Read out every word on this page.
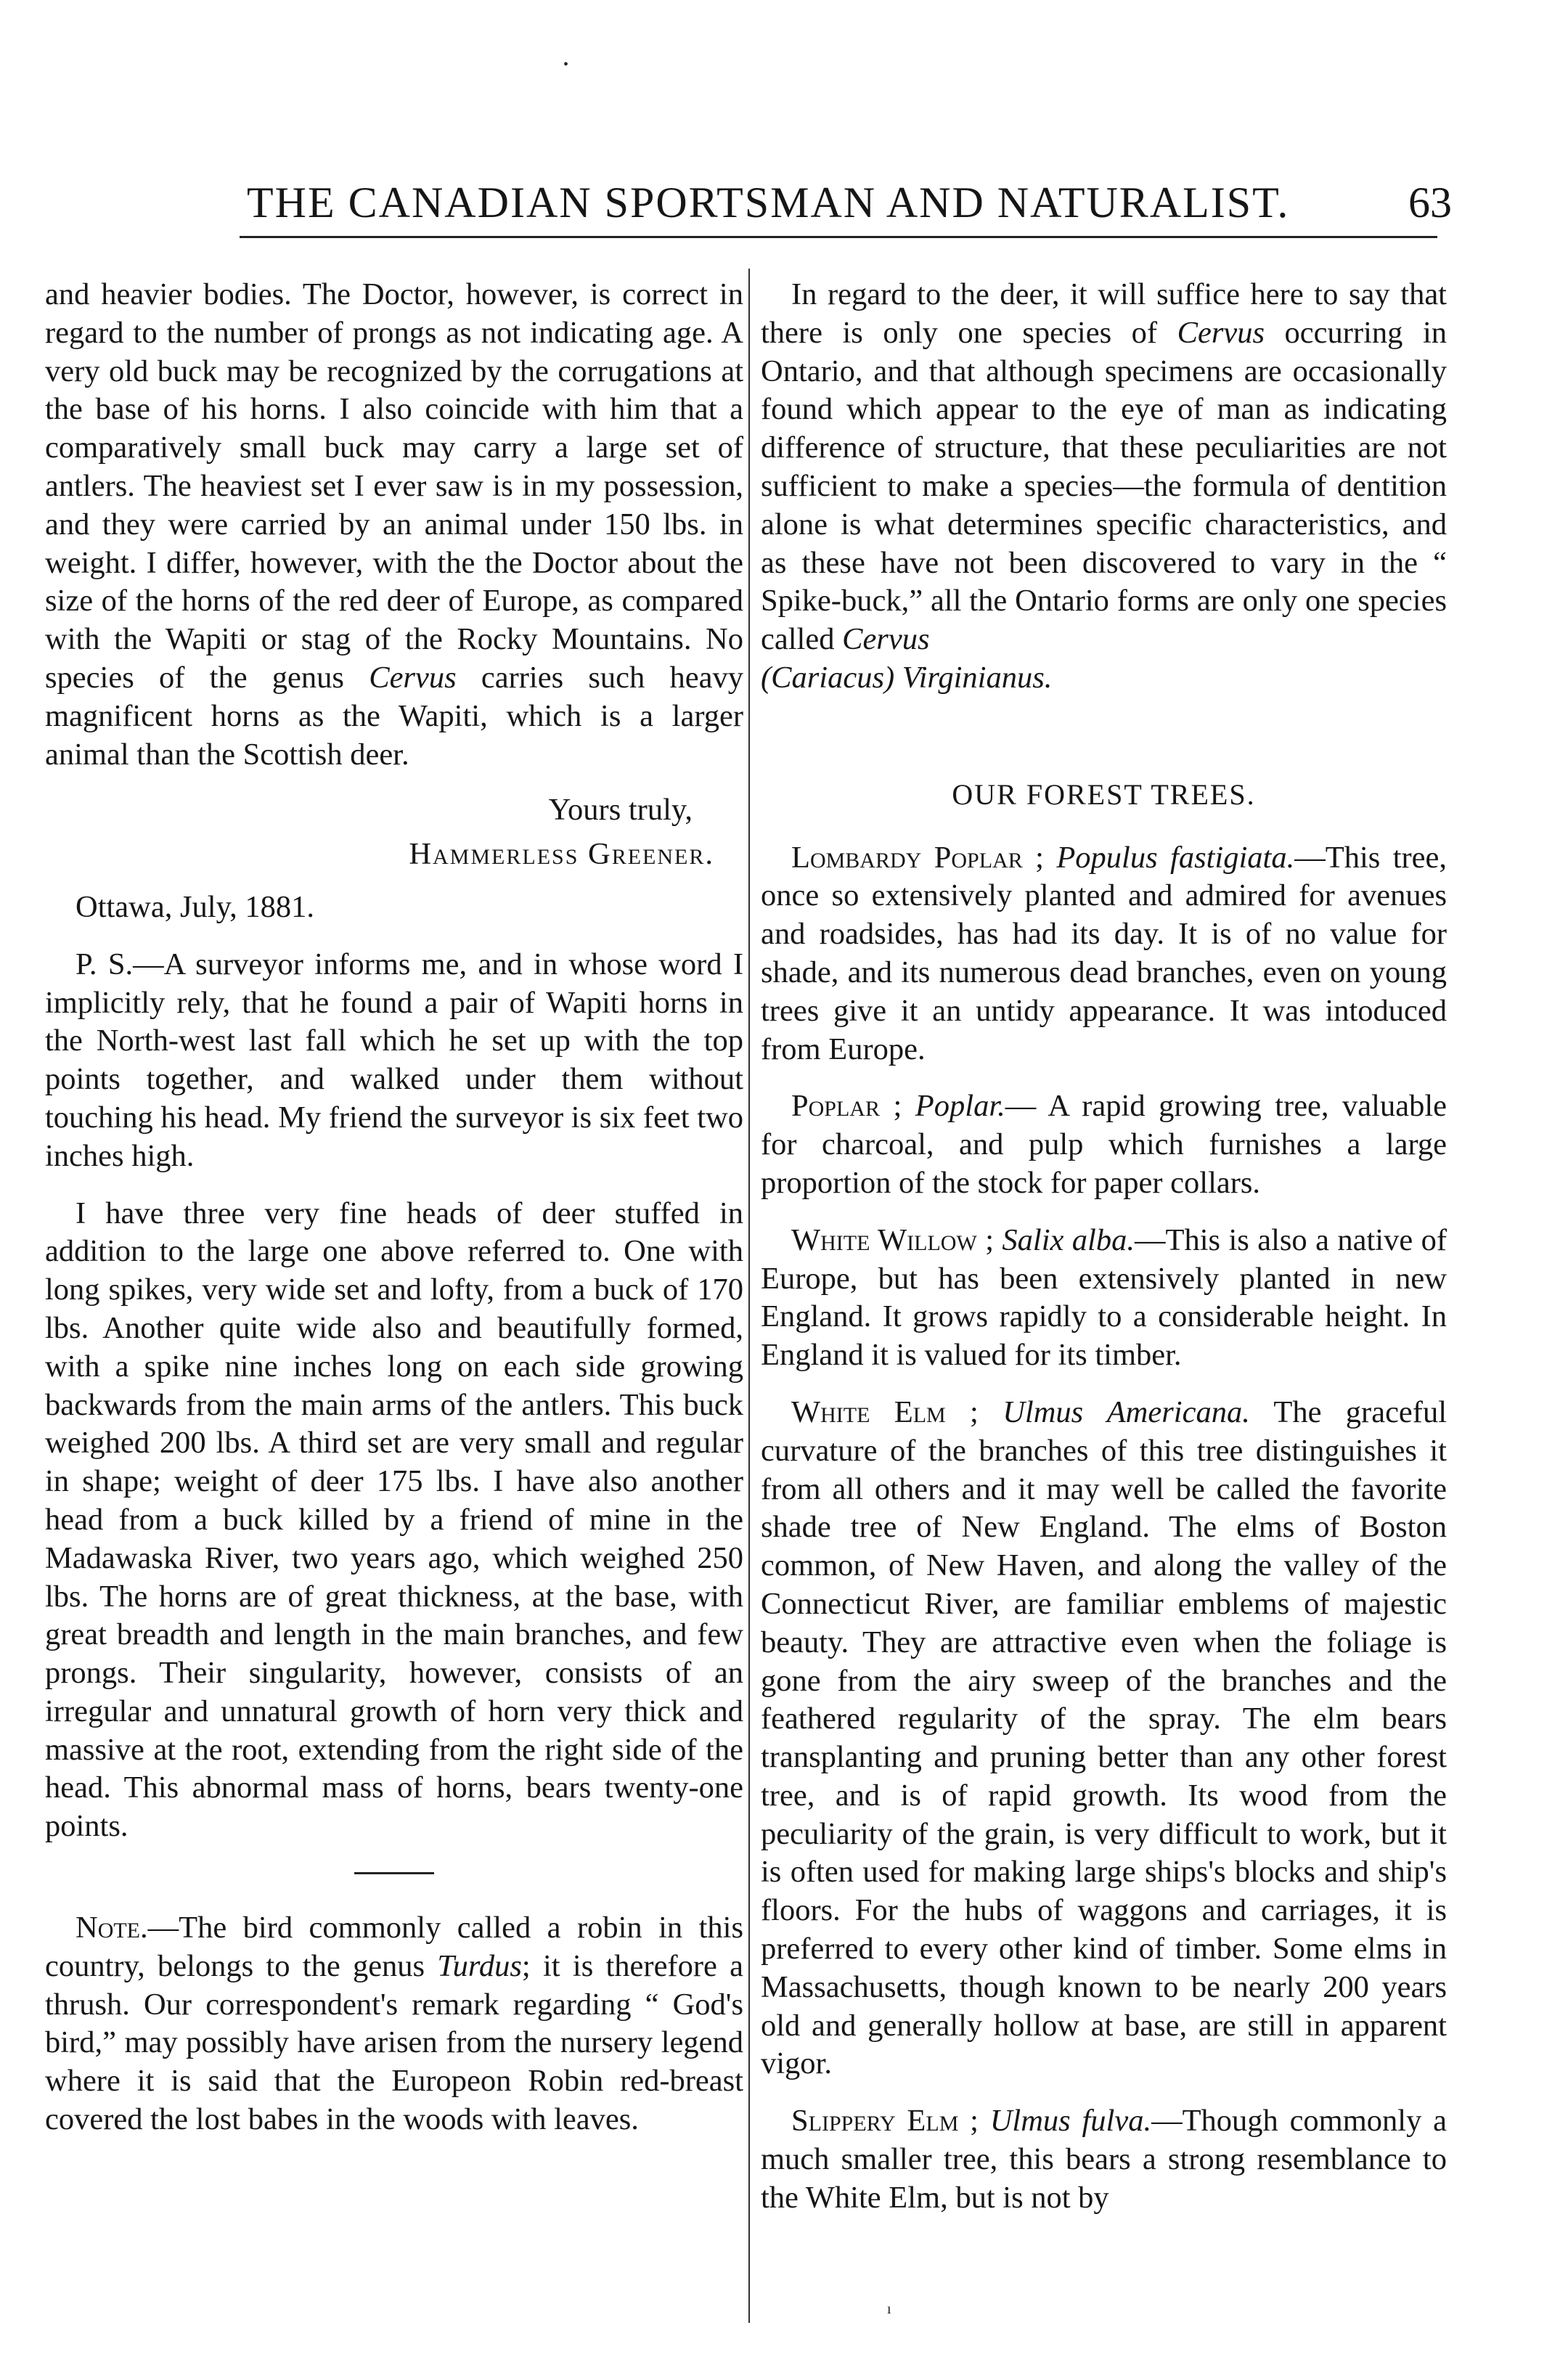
•
THE CANADIAN SPORTSMAN AND NATURALIST.	63

and heavier bodies. The Doctor, however, is correct in regard to the number of prongs as not indicating age. A very old buck may be recognized by the corrugations at the base of his horns. I also coincide with him that a comparatively small buck may carry a large set of antlers. The heaviest set I ever saw is in my possession, and they were carried by an animal under 150 lbs. in weight. I differ, however, with the the Doctor about the size of the horns of the red deer of Europe, as compared with the Wapiti or stag of the Rocky Mountains. No species of the genus Cervus carries such heavy magnificent horns as the Wapiti, which is a larger animal than the Scottish deer.

Yours truly,

Hammerless Greener.

Ottawa, July, 1881.

P. S.—A surveyor informs me, and in whose word I implicitly rely, that he found a pair of Wapiti horns in the North-west last fall which he set up with the top points together, and walked under them without touching his head. My friend the surveyor is six feet two inches high.

I have three very fine heads of deer stuffed in addition to the large one above referred to. One with long spikes, very wide set and lofty, from a buck of 170 lbs. Another quite wide also and beautifully formed, with a spike nine inches long on each side growing backwards from the main arms of the antlers. This buck weighed 200 lbs. A third set are very small and regular in shape; weight of deer 175 lbs. I have also another head from a buck killed by a friend of mine in the Madawaska River, two years ago, which weighed 250 lbs. The horns are of great thickness, at the base, with great breadth and length in the main branches, and few prongs. Their singularity, however, consists of an irregular and unnatural growth of horn very thick and massive at the root, extending from the right side of the head. This abnormal mass of horns, bears twenty-one points.

Note.—The bird commonly called a robin in this country, belongs to the genus Turdus; it is therefore a thrush. Our correspondent's remark regarding “ God's bird,” may possibly have arisen from the nursery legend where it is said that the Europeon Robin red-breast covered the lost babes in the woods with leaves.

In regard to the deer, it will suffice here to say that there is only one species of Cervus occurring in Ontario, and that although specimens are occasionally found which appear to the eye of man as indicating difference of structure, that these peculiarities are not sufficient to make a species—the formula of dentition alone is what determines specific characteristics, and as these have not been discovered to vary in the “ Spike-buck,” all the Ontario forms are only one species called Cervus
(Cariacus) Virginianus.

OUR FOREST TREES.

Lombardy Poplar ; Populus fastigiata.—This tree, once so extensively planted and admired for avenues and roadsides, has had its day. It is of no value for shade, and its numerous dead branches, even on young trees give it an untidy appearance. It was intoduced from Europe.

Poplar ; Poplar.— A rapid growing tree, valuable for charcoal, and pulp which furnishes a large proportion of the stock for paper collars.

White Willow ; Salix alba.—This is also a native of Europe, but has been extensively planted in new England. It grows rapidly to a considerable height. In England it is valued for its timber.

White Elm ; Ulmus Americana. The graceful curvature of the branches of this tree distinguishes it from all others and it may well be called the favorite shade tree of New England. The elms of Boston common, of New Haven, and along the valley of the Connecticut River, are familiar emblems of majestic beauty. They are attractive even when the foliage is gone from the airy sweep of the branches and the feathered regularity of the spray. The elm bears transplanting and pruning better than any other forest tree, and is of rapid growth. Its wood from the peculiarity of the grain, is very difficult to work, but it is often used for making large ships's blocks and ship's floors. For the hubs of waggons and carriages, it is preferred to every other kind of timber. Some elms in Massachusetts, though known to be nearly 200 years old and generally hollow at base, are still in apparent vigor.

Slippery Elm ; Ulmus fulva.—Though commonly a much smaller tree, this bears a strong resemblance to the White Elm, but is not by

ı
